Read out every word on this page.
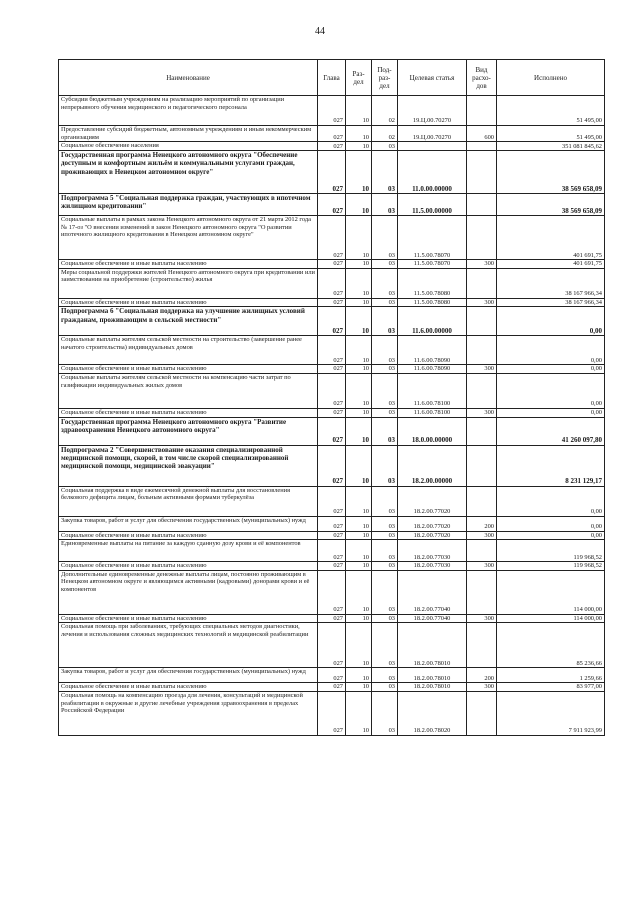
44
Наименование	Глава	Раз-дел	Под-раз-дел	Целевая статья	Вид расхо-дов	Исполнено
Субсидии бюджетным учреждениям на реализацию мероприятий по организации непрерывного обучения медицинского и педагогического персонала	027	10	02	19.Ц.00.70270		51 495,00
Предоставление субсидий бюджетным, автономным учреждениям и иным некоммерческим организациям	027	10	02	19.Ц.00.70270	600	51 495,00
Социальное обеспечение населения	027	10	03			351 081 845,62
Государственная программа Ненецкого автономного округа "Обеспечение доступным и комфортным жильём и коммунальными услугами граждан, проживающих в Ненецком автономном округе"	027	10	03	11.0.00.00000		38 569 658,09
Подпрограмма 5 "Социальная поддержка граждан, участвующих в ипотечном жилищном кредитовании"	027	10	03	11.5.00.00000		38 569 658,09
Социальные выплаты в рамках закона Ненецкого автономного округа от 21 марта 2012 года № 17-оз "О внесении изменений в закон Ненецкого автономного округа "О развитии ипотечного жилищного кредитования в Ненецком автономном округе"	027	10	03	11.5.00.78070		401 691,75
Социальное обеспечение и иные выплаты населению	027	10	03	11.5.00.78070	300	401 691,75
Меры социальной поддержки жителей Ненецкого автономного округа при кредитовании или заимствовании на приобретение (строительство) жилья	027	10	03	11.5.00.78080		38 167 966,34
Социальное обеспечение и иные выплаты населению	027	10	03	11.5.00.78080	300	38 167 966,34
Подпрограмма 6 "Социальная поддержка на улучшение жилищных условий гражданам, проживающим в сельской местности"	027	10	03	11.6.00.00000		0,00
Социальные выплаты жителям сельской местности на строительство (завершение ранее начатого строительства) индивидуальных домов	027	10	03	11.6.00.78090		0,00
Социальное обеспечение и иные выплаты населению	027	10	03	11.6.00.78090	300	0,00
Социальные выплаты жителям сельской местности на компенсацию части затрат по газификации индивидуальных жилых домов	027	10	03	11.6.00.78100		0,00
Социальное обеспечение и иные выплаты населению	027	10	03	11.6.00.78100	300	0,00
Государственная программа Ненецкого автономного округа "Развитие здравоохранения Ненецкого автономного округа"	027	10	03	18.0.00.00000		41 260 097,80
Подпрограмма 2 "Совершенствование оказания специализированной медицинской помощи, скорой, в том числе скорой специализированной медицинской помощи, медицинской эвакуации"	027	10	03	18.2.00.00000		8 231 129,17
Социальная поддержка в виде ежемесячной денежной выплаты для восстановления белкового дефицита лицам, больным активными формами туберкулёза	027	10	03	18.2.00.77020		0,00
Закупка товаров, работ и услуг для обеспечения государственных (муниципальных) нужд	027	10	03	18.2.00.77020	200	0,00
Социальное обеспечение и иные выплаты населению	027	10	03	18.2.00.77020	300	0,00
Единовременные выплаты на питание за каждую сданную дозу крови и её компонентов	027	10	03	18.2.00.77030		119 968,52
Социальное обеспечение и иные выплаты населению	027	10	03	18.2.00.77030	300	119 968,52
Дополнительные единовременные денежные выплаты лицам, постоянно проживающим в Ненецком автономном округе и являющимся активными (кадровыми) донорами крови и её компонентов	027	10	03	18.2.00.77040		114 000,00
Социальное обеспечение и иные выплаты населению	027	10	03	18.2.00.77040	300	114 000,00
Социальная помощь при заболеваниях, требующих специальных методов диагностики, лечения и использования сложных медицинских технологий и медицинской реабилитации	027	10	03	18.2.00.78010		85 236,66
Закупка товаров, работ и услуг для обеспечения государственных (муниципальных) нужд	027	10	03	18.2.00.78010	200	1 259,66
Социальное обеспечение и иные выплаты населению	027	10	03	18.2.00.78010	300	83 977,00
Социальная помощь на компенсацию проезда для лечения, консультаций и медицинской реабилитации в окружные и другие лечебные учреждения здравоохранения в пределах Российской Федерации	027	10	03	18.2.00.78020		7 911 923,99
